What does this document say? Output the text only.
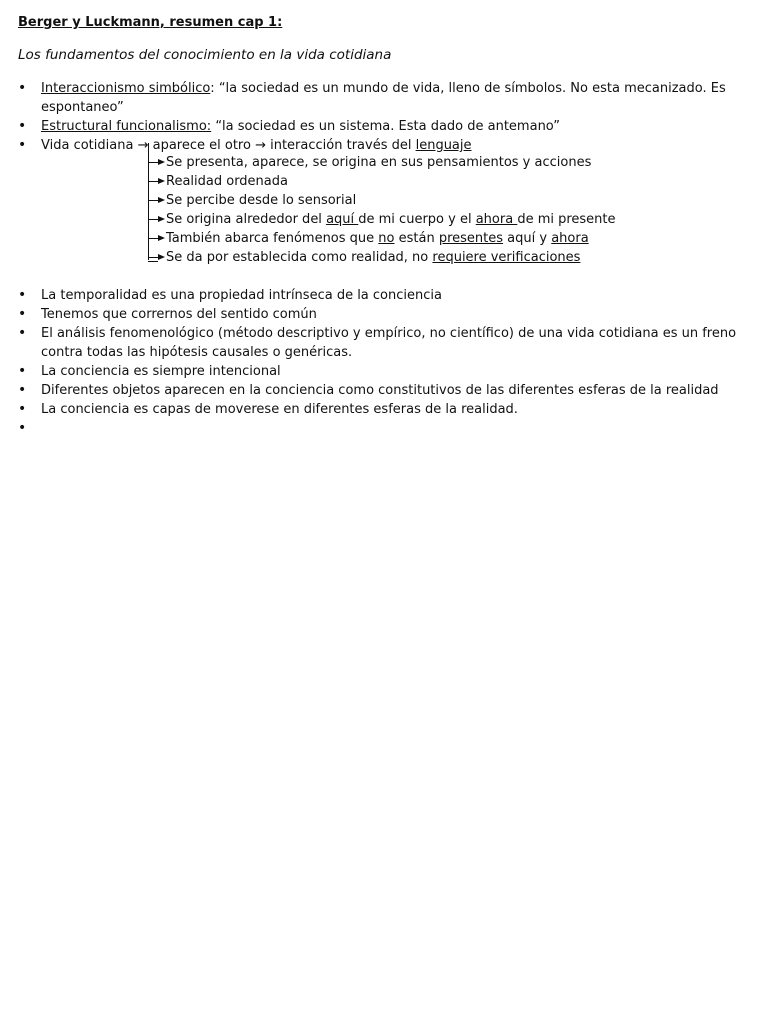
Berger y Luckmann, resumen cap 1:
Los fundamentos del conocimiento en la vida cotidiana
• Interaccionismo simbólico: “la sociedad es un mundo de vida, lleno de símbolos. No esta mecanizado. Es espontaneo”
• Estructural funcionalismo: “la sociedad es un sistema. Esta dado de antemano”
• Vida cotidiana → aparece el otro → interacción través del lenguaje
Se presenta, aparece, se origina en sus pensamientos y acciones
Realidad ordenada
Se percibe desde lo sensorial
Se origina alrededor del aquí de mi cuerpo y el ahora de mi presente
También abarca fenómenos que no están presentes aquí y ahora
Se da por establecida como realidad, no requiere verificaciones
• La temporalidad es una propiedad intrínseca de la conciencia
• Tenemos que corrernos del sentido común
• El análisis fenomenológico (método descriptivo y empírico, no científico) de una vida cotidiana es un freno contra todas las hipótesis causales o genéricas.
• La conciencia es siempre intencional
• Diferentes objetos aparecen en la conciencia como constitutivos de las diferentes esferas de la realidad
• La conciencia es capas de moverese en diferentes esferas de la realidad.
•
